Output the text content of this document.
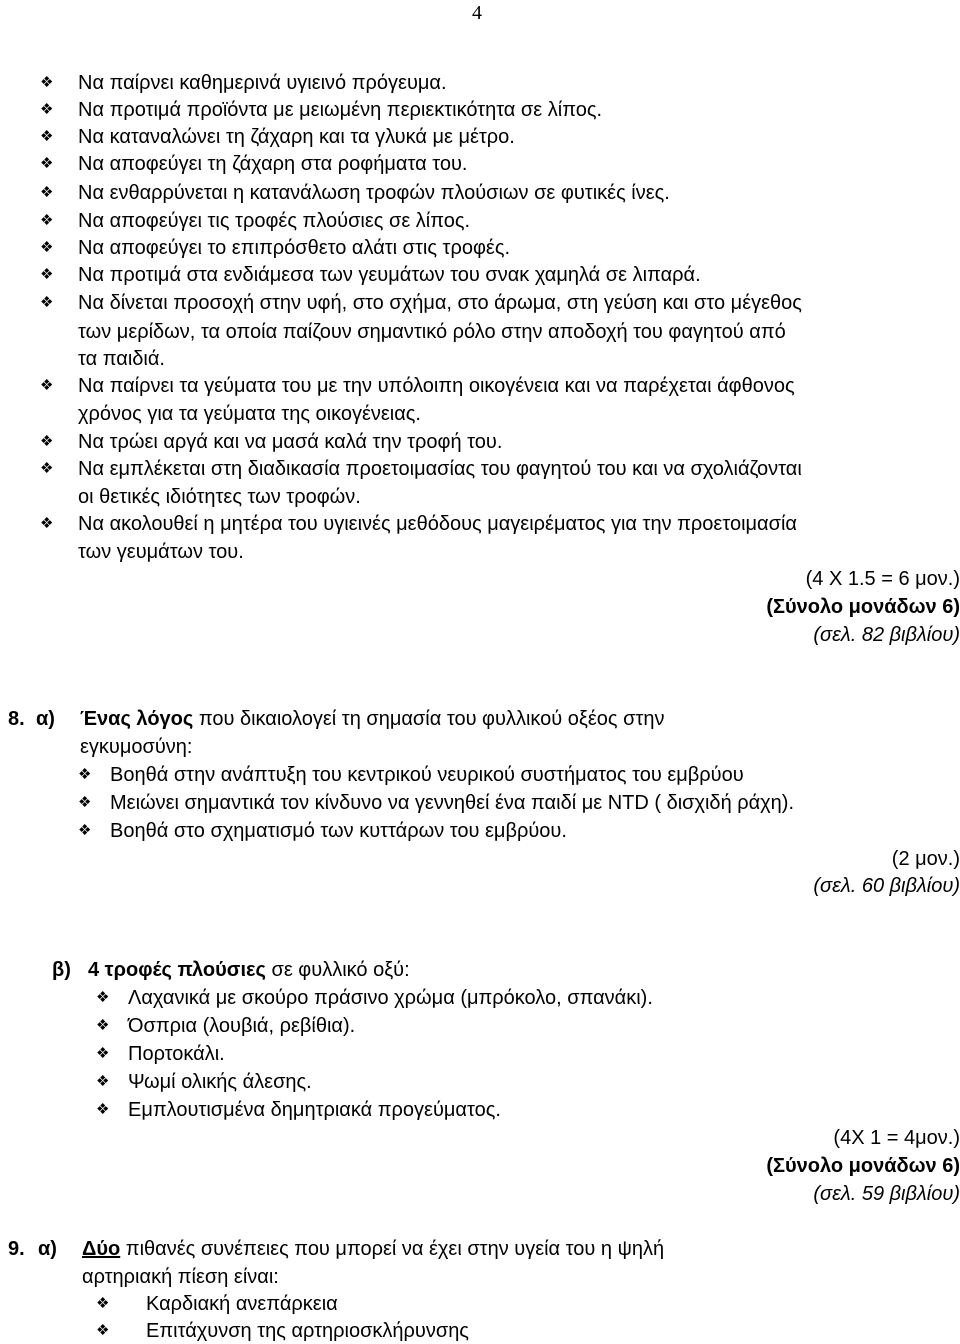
4
❖ Να παίρνει καθημερινά υγιεινό πρόγευμα.
❖ Να προτιμά προϊόντα με μειωμένη περιεκτικότητα σε λίπος.
❖ Να καταναλώνει τη ζάχαρη και τα γλυκά με μέτρο.
❖ Να αποφεύγει τη ζάχαρη στα ροφήματα του.
❖ Να ενθαρρύνεται η κατανάλωση τροφών πλούσιων σε φυτικές ίνες.
❖ Να αποφεύγει τις τροφές πλούσιες σε λίπος.
❖ Να αποφεύγει το επιπρόσθετο αλάτι στις τροφές.
❖ Να προτιμά στα ενδιάμεσα των γευμάτων του σνακ χαμηλά σε λιπαρά.
❖ Να δίνεται προσοχή στην υφή, στο σχήμα, στο άρωμα, στη γεύση και στο μέγεθος
των μερίδων, τα οποία παίζουν σημαντικό ρόλο στην αποδοχή του φαγητού από
τα παιδιά.
❖ Να παίρνει τα γεύματα του με την υπόλοιπη οικογένεια και να παρέχεται άφθονος
χρόνος για τα γεύματα της οικογένειας.
❖ Να τρώει αργά και να μασά καλά την τροφή του.
❖ Να εμπλέκεται στη διαδικασία προετοιμασίας του φαγητού του και να σχολιάζονται
οι θετικές ιδιότητες των τροφών.
❖ Να ακολουθεί η μητέρα του υγιεινές μεθόδους μαγειρέματος για την προετοιμασία
των γευμάτων του.
(4 Χ 1.5 = 6 μον.)
(Σύνολο μονάδων 6)
(σελ. 82 βιβλίου)
8. α) Ένας λόγος που δικαιολογεί τη σημασία του φυλλικού οξέος στην
εγκυμοσύνη:
❖ Βοηθά στην ανάπτυξη του κεντρικού νευρικού συστήματος του εμβρύου
❖ Μειώνει σημαντικά τον κίνδυνο να γεννηθεί ένα παιδί με NTD ( δισχιδή ράχη).
❖ Βοηθά στο σχηματισμό των κυττάρων του εμβρύου.
(2 μον.)
(σελ. 60 βιβλίου)
β) 4 τροφές πλούσιες σε φυλλικό οξύ:
❖ Λαχανικά με σκούρο πράσινο χρώμα (μπρόκολο, σπανάκι).
❖ Όσπρια (λουβιά, ρεβίθια).
❖ Πορτοκάλι.
❖ Ψωμί ολικής άλεσης.
❖ Εμπλουτισμένα δημητριακά προγεύματος.
(4Χ 1 = 4μον.)
(Σύνολο μονάδων 6)
(σελ. 59 βιβλίου)
9. α) Δύο πιθανές συνέπειες που μπορεί να έχει στην υγεία του η ψηλή
αρτηριακή πίεση είναι:
❖ Καρδιακή ανεπάρκεια
❖ Επιτάχυνση της αρτηριοσκλήρυνσης
